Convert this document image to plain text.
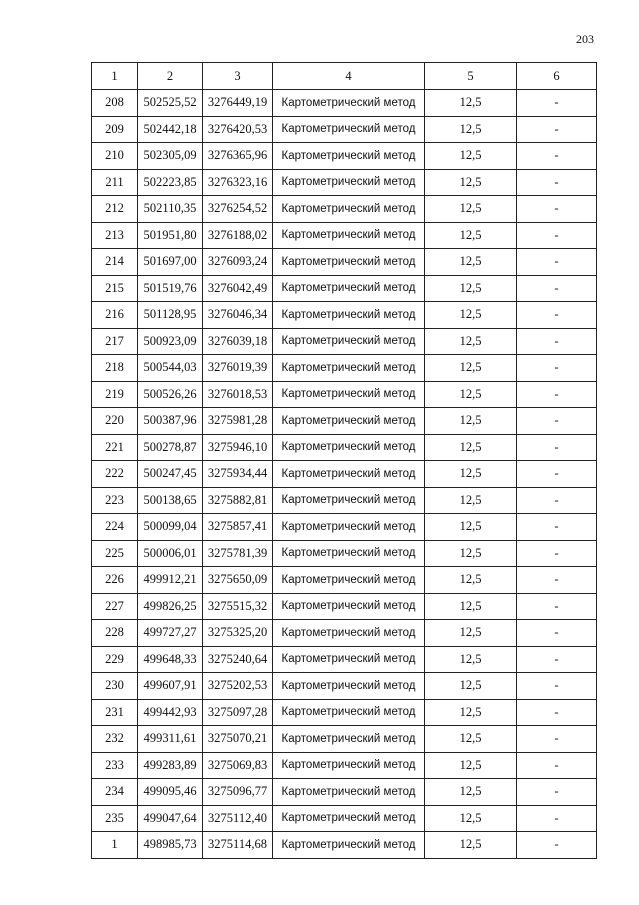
203
1	2	3	4	5	6
208	502525,52	3276449,19	Картометрический метод	12,5	-
209	502442,18	3276420,53	Картометрический метод	12,5	-
210	502305,09	3276365,96	Картометрический метод	12,5	-
211	502223,85	3276323,16	Картометрический метод	12,5	-
212	502110,35	3276254,52	Картометрический метод	12,5	-
213	501951,80	3276188,02	Картометрический метод	12,5	-
214	501697,00	3276093,24	Картометрический метод	12,5	-
215	501519,76	3276042,49	Картометрический метод	12,5	-
216	501128,95	3276046,34	Картометрический метод	12,5	-
217	500923,09	3276039,18	Картометрический метод	12,5	-
218	500544,03	3276019,39	Картометрический метод	12,5	-
219	500526,26	3276018,53	Картометрический метод	12,5	-
220	500387,96	3275981,28	Картометрический метод	12,5	-
221	500278,87	3275946,10	Картометрический метод	12,5	-
222	500247,45	3275934,44	Картометрический метод	12,5	-
223	500138,65	3275882,81	Картометрический метод	12,5	-
224	500099,04	3275857,41	Картометрический метод	12,5	-
225	500006,01	3275781,39	Картометрический метод	12,5	-
226	499912,21	3275650,09	Картометрический метод	12,5	-
227	499826,25	3275515,32	Картометрический метод	12,5	-
228	499727,27	3275325,20	Картометрический метод	12,5	-
229	499648,33	3275240,64	Картометрический метод	12,5	-
230	499607,91	3275202,53	Картометрический метод	12,5	-
231	499442,93	3275097,28	Картометрический метод	12,5	-
232	499311,61	3275070,21	Картометрический метод	12,5	-
233	499283,89	3275069,83	Картометрический метод	12,5	-
234	499095,46	3275096,77	Картометрический метод	12,5	-
235	499047,64	3275112,40	Картометрический метод	12,5	-
1	498985,73	3275114,68	Картометрический метод	12,5	-
